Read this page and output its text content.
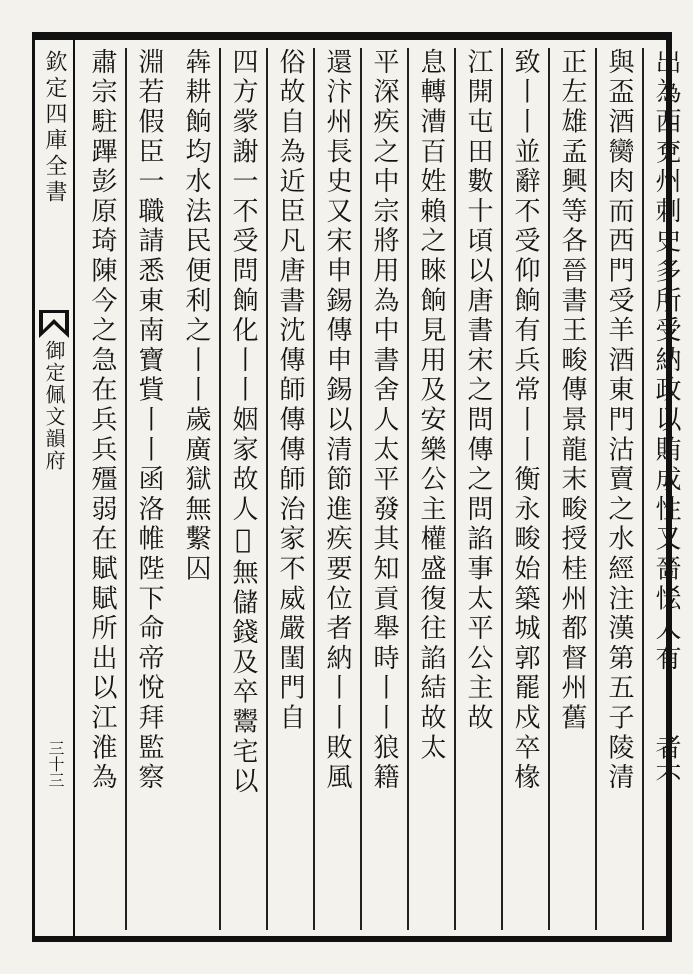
欽定四庫全書
御定佩文韻府
三十三 肅宗駐蹕彭原琦陳今之急在兵兵殭弱在賦賦所出以江淮為 淵若假臣一職請悉東南寶貲丨丨函洛帷陛下命帝悅拜監察 犇耕餉均水法民便利之丨丨歲廣獄無繫囚 四方䝉謝一不受問餉化丨丨姻家故人𡚶無儲錢及卒鬻宅以 俗故自為近臣凡唐書沈傳師傳傳師治家不威嚴閨門自 還汴州長史又宋申錫傳申錫以清節進疾要位者納丨丨敗風 平深疾之中宗將用為中書舍人太平發其知貢舉時丨丨狼籍 息轉漕百姓賴之睞餉見用及安樂公主權盛復往諂結故太 江開屯田數十頃以唐書宋之問傳之問諂事太平公主故 致丨丨並辭不受仰餉有兵常丨丨衡永畯始築城郭罷戍卒椽 正左雄孟興等各晉書王畯傳景龍末畯授桂州都督州舊 與盃酒臠肉而西門受羊酒東門沽賣之水經注漢第五子陵清 出為西兗州刺史多所受納政以賄成性又嗇恡人有丨丨者不
